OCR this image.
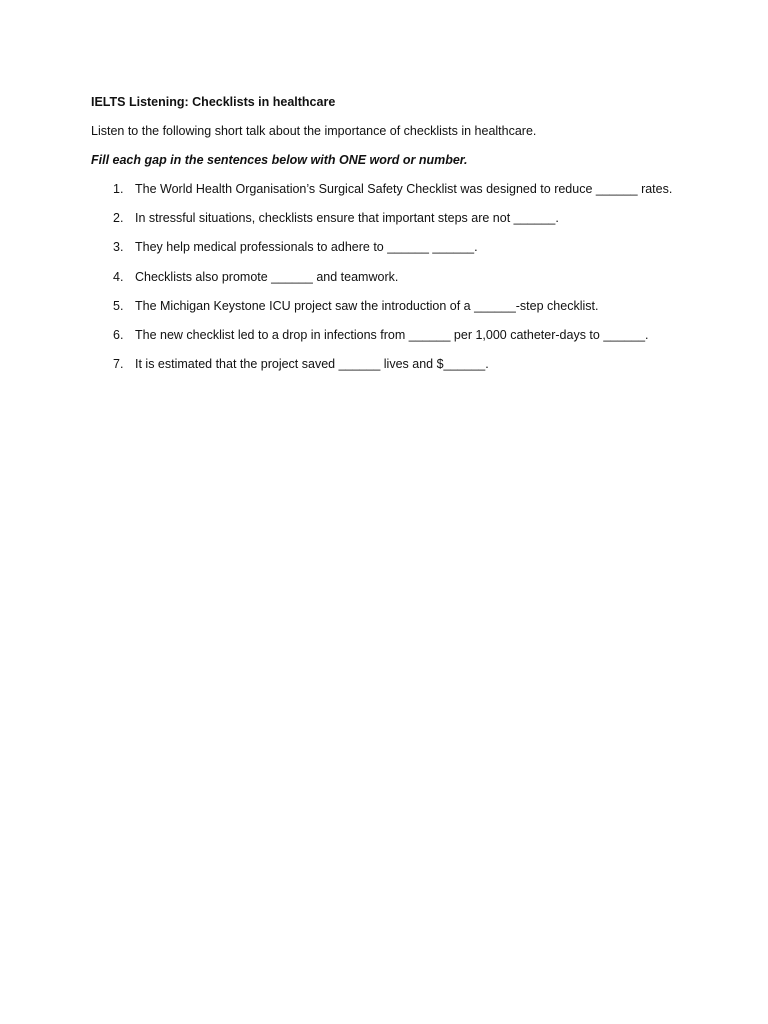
IELTS Listening: Checklists in healthcare
Listen to the following short talk about the importance of checklists in healthcare.
Fill each gap in the sentences below with ONE word or number.
1. The World Health Organisation’s Surgical Safety Checklist was designed to reduce ______ rates.
2. In stressful situations, checklists ensure that important steps are not ______.
3. They help medical professionals to adhere to ______ ______.
4. Checklists also promote ______ and teamwork.
5. The Michigan Keystone ICU project saw the introduction of a ______-step checklist.
6. The new checklist led to a drop in infections from ______ per 1,000 catheter-days to ______.
7. It is estimated that the project saved ______ lives and $______.
